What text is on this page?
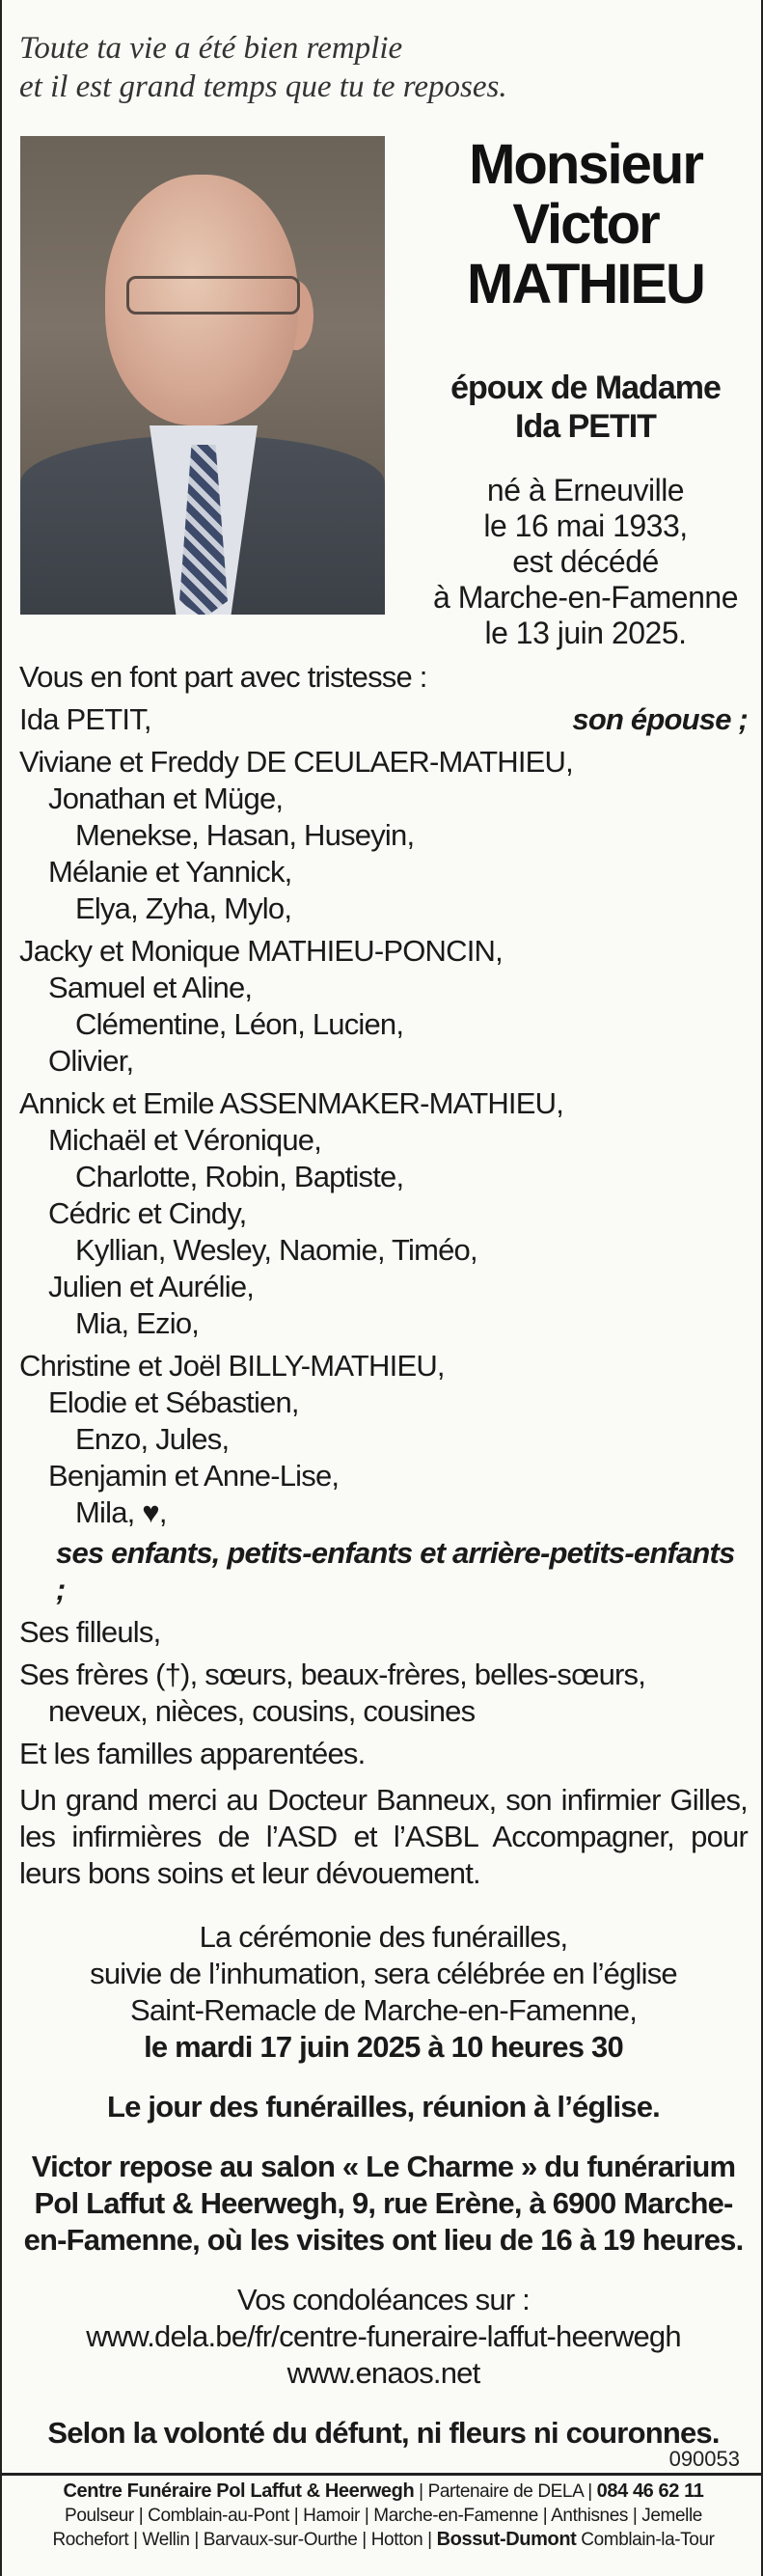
Toute ta vie a été bien remplie
et il est grand temps que tu te reposes.
Monsieur
Victor
MATHIEU
époux de Madame
Ida PETIT
né à Erneuville
le 16 mai 1933,
est décédé
à Marche-en-Famenne
le 13 juin 2025.
Vous en font part avec tristesse :
Ida PETIT,	son épouse ;
Viviane et Freddy DE CEULAER-MATHIEU,
Jonathan et Müge,
Menekse, Hasan, Huseyin,
Mélanie et Yannick,
Elya, Zyha, Mylo,
Jacky et Monique MATHIEU-PONCIN,
Samuel et Aline,
Clémentine, Léon, Lucien,
Olivier,
Annick et Emile ASSENMAKER-MATHIEU,
Michaël et Véronique,
Charlotte, Robin, Baptiste,
Cédric et Cindy,
Kyllian, Wesley, Naomie, Timéo,
Julien et Aurélie,
Mia, Ezio,
Christine et Joël BILLY-MATHIEU,
Elodie et Sébastien,
Enzo, Jules,
Benjamin et Anne-Lise,
Mila, ♥,
ses enfants, petits-enfants et arrière-petits-enfants ;
Ses filleuls,
Ses frères (†), sœurs, beaux-frères, belles-sœurs,
neveux, nièces, cousins, cousines
Et les familles apparentées.
Un grand merci au Docteur Banneux, son infirmier Gilles, les infirmières de l’ASD et l’ASBL Accompagner, pour leurs bons soins et leur dévouement.
La cérémonie des funérailles,
suivie de l’inhumation, sera célébrée en l’église
Saint-Remacle de Marche-en-Famenne,
le mardi 17 juin 2025 à 10 heures 30
Le jour des funérailles, réunion à l’église.
Victor repose au salon « Le Charme » du funérarium Pol Laffut & Heerwegh, 9, rue Erène, à 6900 Marche-en-Famenne, où les visites ont lieu de 16 à 19 heures.
Vos condoléances sur :
www.dela.be/fr/centre-funeraire-laffut-heerwegh
www.enaos.net
Selon la volonté du défunt, ni fleurs ni couronnes.
090053
Centre Funéraire Pol Laffut & Heerwegh | Partenaire de DELA | 084 46 62 11
Poulseur | Comblain-au-Pont | Hamoir | Marche-en-Famenne | Anthisnes | Jemelle
Rochefort | Wellin | Barvaux-sur-Ourthe | Hotton | Bossut-Dumont Comblain-la-Tour
